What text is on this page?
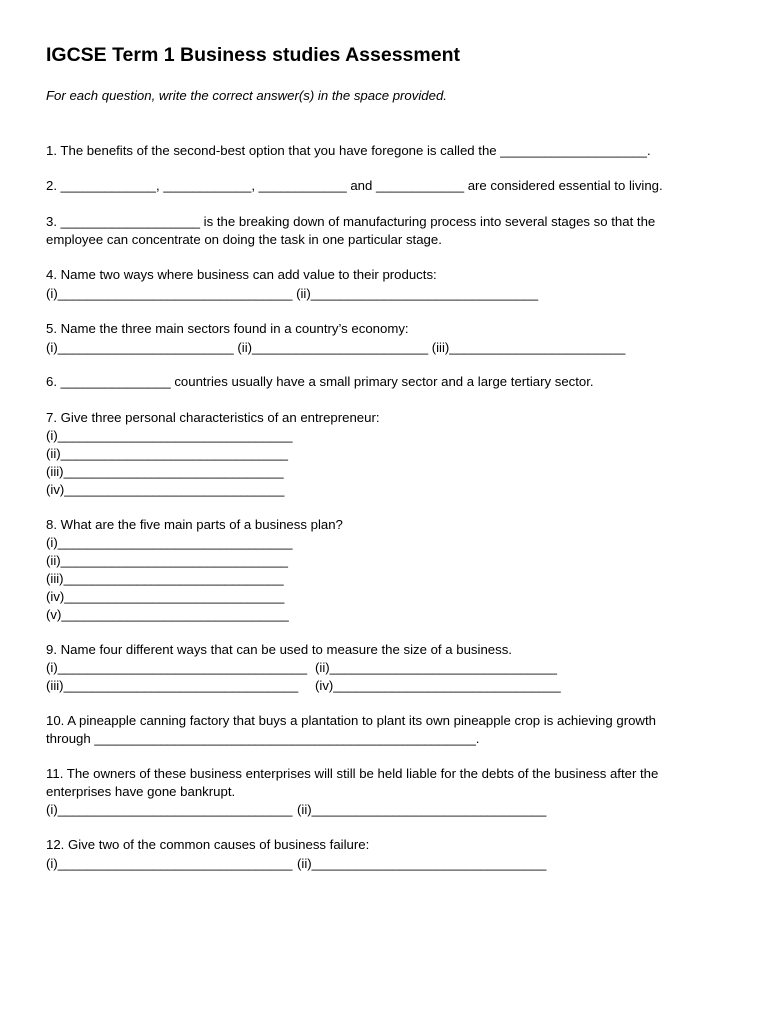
IGCSE Term 1 Business studies Assessment
For each question, write the correct answer(s) in the space provided.
1. The benefits of the second-best option that you have foregone is called the ____________________.
2. _____________, ____________, ____________ and ____________ are considered essential to living.
3. ___________________ is the breaking down of manufacturing process into several stages so that the
employee can concentrate on doing the task in one particular stage.
4. Name two ways where business can add value to their products:
(i)________________________________ (ii)_______________________________
5. Name the three main sectors found in a country’s economy:
(i)________________________ (ii)________________________ (iii)________________________
6. _______________ countries usually have a small primary sector and a large tertiary sector.
7. Give three personal characteristics of an entrepreneur:
(i)________________________________
(ii)_______________________________
(iii)______________________________
(iv)______________________________
8. What are the five main parts of a business plan?
(i)________________________________
(ii)_______________________________
(iii)______________________________
(iv)______________________________
(v)_______________________________
9. Name four different ways that can be used to measure the size of a business.
(i)__________________________________ (ii)_______________________________
(iii)________________________________ (iv)_______________________________
10. A pineapple canning factory that buys a plantation to plant its own pineapple crop is achieving growth
through ____________________________________________________.
11. The owners of these business enterprises will still be held liable for the debts of the business after the
enterprises have gone bankrupt.
(i)________________________________ (ii)________________________________
12. Give two of the common causes of business failure:
(i)________________________________ (ii)________________________________
